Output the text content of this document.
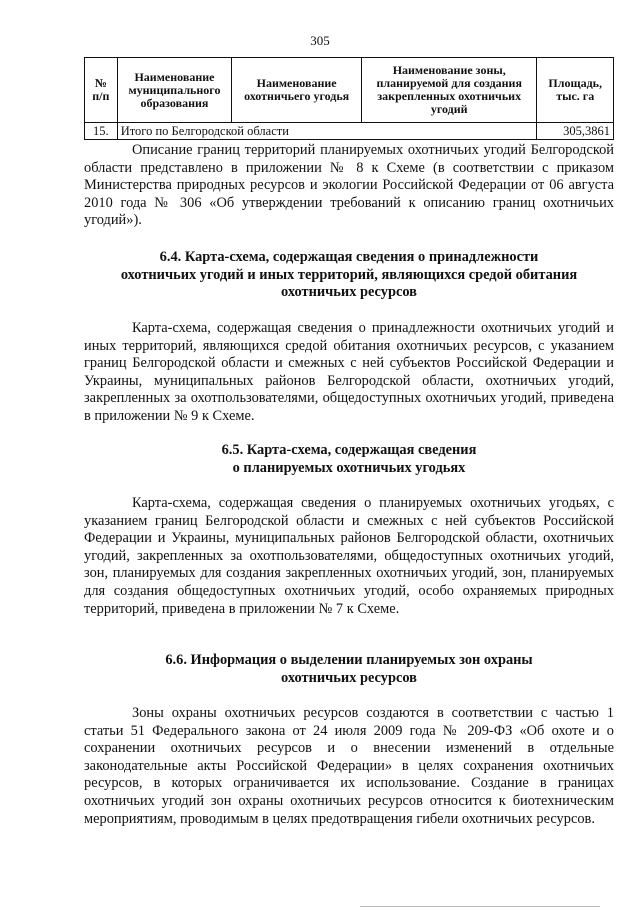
305
№
п/п	Наименование муниципального образования	Наименование охотничьего угодья	Наименование зоны, планируемой для создания закрепленных охотничьих угодий	Площадь, тыс. га
15.	Итого по Белгородской области			305,3861

Описание границ территорий планируемых охотничьих угодий Белгородской области представлено в приложении № 8 к Схеме (в соответствии с приказом Министерства природных ресурсов и экологии Российской Федерации от 06 августа 2010 года № 306 «Об утверждении требований к описанию границ охотничьих угодий»).

6.4. Карта-схема, содержащая сведения о принадлежности

охотничьих угодий и иных территорий, являющихся средой обитания

охотничьих ресурсов

Карта-схема, содержащая сведения о принадлежности охотничьих угодий и иных территорий, являющихся средой обитания охотничьих ресурсов, с указанием границ Белгородской области и смежных с ней субъектов Российской Федерации и Украины, муниципальных районов Белгородской области, охотничьих угодий, закрепленных за охотпользователями, общедоступных охотничьих угодий, приведена в приложении № 9 к Схеме.

6.5. Карта-схема, содержащая сведения

о планируемых охотничьих угодьях

Карта-схема, содержащая сведения о планируемых охотничьих угодьях, с указанием границ Белгородской области и смежных с ней субъектов Российской Федерации и Украины, муниципальных районов Белгородской области, охотничьих угодий, закрепленных за охотпользователями, общедоступных охотничьих угодий, зон, планируемых для создания закрепленных охотничьих угодий, зон, планируемых для создания общедоступных охотничьих угодий, особо охраняемых природных территорий, приведена в приложении № 7 к Схеме.

6.6. Информация о выделении планируемых зон охраны

охотничьих ресурсов

Зоны охраны охотничьих ресурсов создаются в соответствии с частью 1 статьи 51 Федерального закона от 24 июля 2009 года № 209-ФЗ «Об охоте и о сохранении охотничьих ресурсов и о внесении изменений в отдельные законодательные акты Российской Федерации» в целях сохранения охотничьих ресурсов, в которых ограничивается их использование. Создание в границах охотничьих угодий зон охраны охотничьих ресурсов относится к биотехническим мероприятиям, проводимым в целях предотвращения гибели охотничьих ресурсов.
